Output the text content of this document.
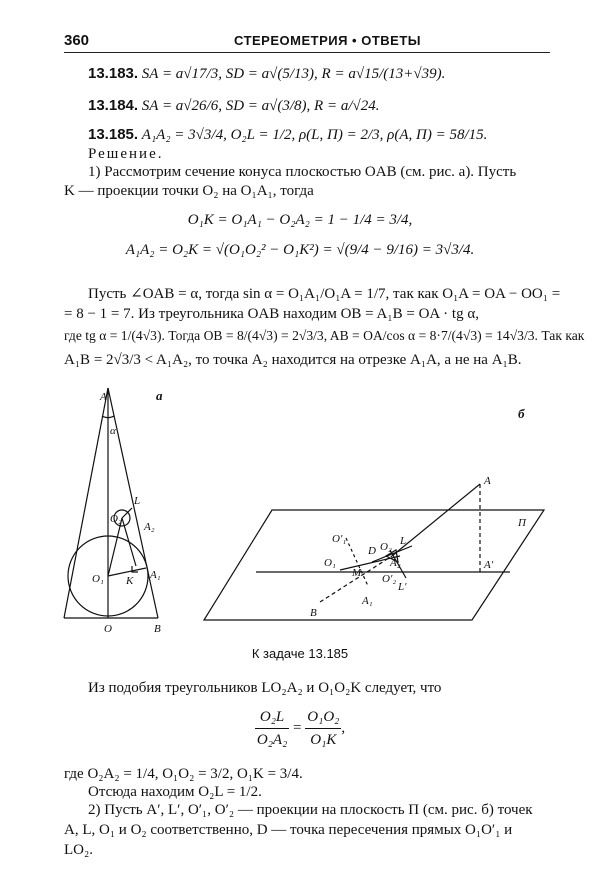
360	СТЕРЕОМЕТРИЯ • ОТВЕТЫ
13.183. SA = a√17/3, SD = a√(5/13), R = a√15/(13+√39).
13.184. SA = a√26/6, SD = a√(3/8), R = a/√24.
13.185. A₁A₂ = 3√3/4, O₂L = 1/2, ρ(L, Π) = 2/3, ρ(A, Π) = 58/15.
Решение.
1) Рассмотрим сечение конуса плоскостью OAB (см. рис. а). Пусть
K — проекции точки O₂ на O₁A₁, тогда
O₁K = O₁A₁ − O₂A₂ = 1 − 1/4 = 3/4,
A₁A₂ = O₂K = √(O₁O₂² − O₁K²) = √(9/4 − 9/16) = 3√3/4.
Пусть ∠OAB = α, тогда sin α = O₁A₁/O₁A = 1/7, так как O₁A = OA − OO₁ =
= 8 − 1 = 7. Из треугольника OAB находим OB = A₁B = OA · tg α,
где tg α = 1/(4√3). Тогда OB = 8/(4√3) = 2√3/3, AB = OA/cos α = 8·7/(4√3) = 14√3/3. Так как
A₁B = 2√3/3 < A₁A₂, то точка A₂ находится на отрезке A₁A, а не на A₁B.
A
α
L
O₂
A₂
O₁ K A₁
O	B
а
A
Π
O′₁
D O₂ L
O₁
M
A₂
O′₂
L′
A′
B
A₁
б
К задаче 13.185
Из подобия треугольников LO₂A₂ и O₁O₂K следует, что
$\frac{\text{O₂L}}{\text{O₂A₂}} = \frac{\text{O₁O₂}}{\text{O₁K}}$ ,
где O₂A₂ = 1/4, O₁O₂ = 3/2, O₁K = 3/4.
Отсюда находим O₂L = 1/2.
2) Пусть A′, L′, O′₁, O′₂ — проекции на плоскость Π (см. рис. б) точек
A, L, O₁ и O₂ соответственно, D — точка пересечения прямых O₁O′₁ и
LO₂.
